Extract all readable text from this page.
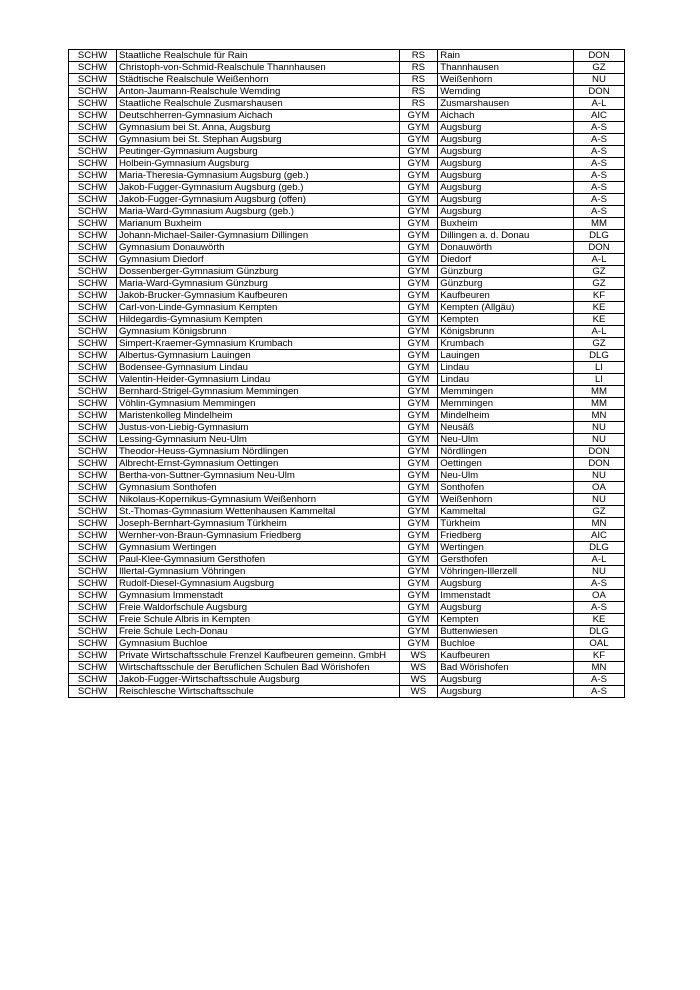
SCHW	Staatliche Realschule für Rain	RS	Rain	DON
SCHW	Christoph-von-Schmid-Realschule Thannhausen	RS	Thannhausen	GZ
SCHW	Städtische Realschule Weißenhorn	RS	Weißenhorn	NU
SCHW	Anton-Jaumann-Realschule Wemding	RS	Wemding	DON
SCHW	Staatliche Realschule Zusmarshausen	RS	Zusmarshausen	A-L
SCHW	Deutschherren-Gymnasium Aichach	GYM	Aichach	AIC
SCHW	Gymnasium bei St. Anna, Augsburg	GYM	Augsburg	A-S
SCHW	Gymnasium bei St. Stephan Augsburg	GYM	Augsburg	A-S
SCHW	Peutinger-Gymnasium Augsburg	GYM	Augsburg	A-S
SCHW	Holbein-Gymnasium Augsburg	GYM	Augsburg	A-S
SCHW	Maria-Theresia-Gymnasium Augsburg (geb.)	GYM	Augsburg	A-S
SCHW	Jakob-Fugger-Gymnasium Augsburg (geb.)	GYM	Augsburg	A-S
SCHW	Jakob-Fugger-Gymnasium Augsburg (offen)	GYM	Augsburg	A-S
SCHW	Maria-Ward-Gymnasium Augsburg (geb.)	GYM	Augsburg	A-S
SCHW	Marianum Buxheim	GYM	Buxheim	MM
SCHW	Johann-Michael-Sailer-Gymnasium Dillingen	GYM	Dillingen a. d. Donau	DLG
SCHW	Gymnasium Donauwörth	GYM	Donauwörth	DON
SCHW	Gymnasium Diedorf	GYM	Diedorf	A-L
SCHW	Dossenberger-Gymnasium Günzburg	GYM	Günzburg	GZ
SCHW	Maria-Ward-Gymnasium Günzburg	GYM	Günzburg	GZ
SCHW	Jakob-Brucker-Gymnasium Kaufbeuren	GYM	Kaufbeuren	KF
SCHW	Carl-von-Linde-Gymnasium Kempten	GYM	Kempten (Allgäu)	KE
SCHW	Hildegardis-Gymnasium Kempten	GYM	Kempten	KE
SCHW	Gymnasium Königsbrunn	GYM	Königsbrunn	A-L
SCHW	Simpert-Kraemer-Gymnasium Krumbach	GYM	Krumbach	GZ
SCHW	Albertus-Gymnasium Lauingen	GYM	Lauingen	DLG
SCHW	Bodensee-Gymnasium Lindau	GYM	Lindau	LI
SCHW	Valentin-Heider-Gymnasium Lindau	GYM	Lindau	LI
SCHW	Bernhard-Strigel-Gymnasium Memmingen	GYM	Memmingen	MM
SCHW	Vöhlin-Gymnasium Memmingen	GYM	Memmingen	MM
SCHW	Maristenkolleg Mindelheim	GYM	Mindelheim	MN
SCHW	Justus-von-Liebig-Gymnasium	GYM	Neusäß	NU
SCHW	Lessing-Gymnasium Neu-Ulm	GYM	Neu-Ulm	NU
SCHW	Theodor-Heuss-Gymnasium Nördlingen	GYM	Nördlingen	DON
SCHW	Albrecht-Ernst-Gymnasium Oettingen	GYM	Oettingen	DON
SCHW	Bertha-von-Suttner-Gymnasium Neu-Ulm	GYM	Neu-Ulm	NU
SCHW	Gymnasium Sonthofen	GYM	Sonthofen	OA
SCHW	Nikolaus-Kopernikus-Gymnasium Weißenhorn	GYM	Weißenhorn	NU
SCHW	St.-Thomas-Gymnasium Wettenhausen Kammeltal	GYM	Kammeltal	GZ
SCHW	Joseph-Bernhart-Gymnasium Türkheim	GYM	Türkheim	MN
SCHW	Wernher-von-Braun-Gymnasium Friedberg	GYM	Friedberg	AIC
SCHW	Gymnasium Wertingen	GYM	Wertingen	DLG
SCHW	Paul-Klee-Gymnasium Gersthofen	GYM	Gersthofen	A-L
SCHW	Illertal-Gymnasium Vöhringen	GYM	Vöhringen-Illerzell	NU
SCHW	Rudolf-Diesel-Gymnasium Augsburg	GYM	Augsburg	A-S
SCHW	Gymnasium Immenstadt	GYM	Immenstadt	OA
SCHW	Freie Waldorfschule Augsburg	GYM	Augsburg	A-S
SCHW	Freie Schule Albris in Kempten	GYM	Kempten	KE
SCHW	Freie Schule Lech-Donau	GYM	Buttenwiesen	DLG
SCHW	Gymnasium Buchloe	GYM	Buchloe	OAL
SCHW	Private Wirtschaftsschule Frenzel Kaufbeuren gemeinn. GmbH	WS	Kaufbeuren	KF
SCHW	Wirtschaftsschule der Beruflichen Schulen Bad Wörishofen	WS	Bad Wörishofen	MN
SCHW	Jakob-Fugger-Wirtschaftsschule Augsburg	WS	Augsburg	A-S
SCHW	Reischlesche Wirtschaftsschule	WS	Augsburg	A-S
